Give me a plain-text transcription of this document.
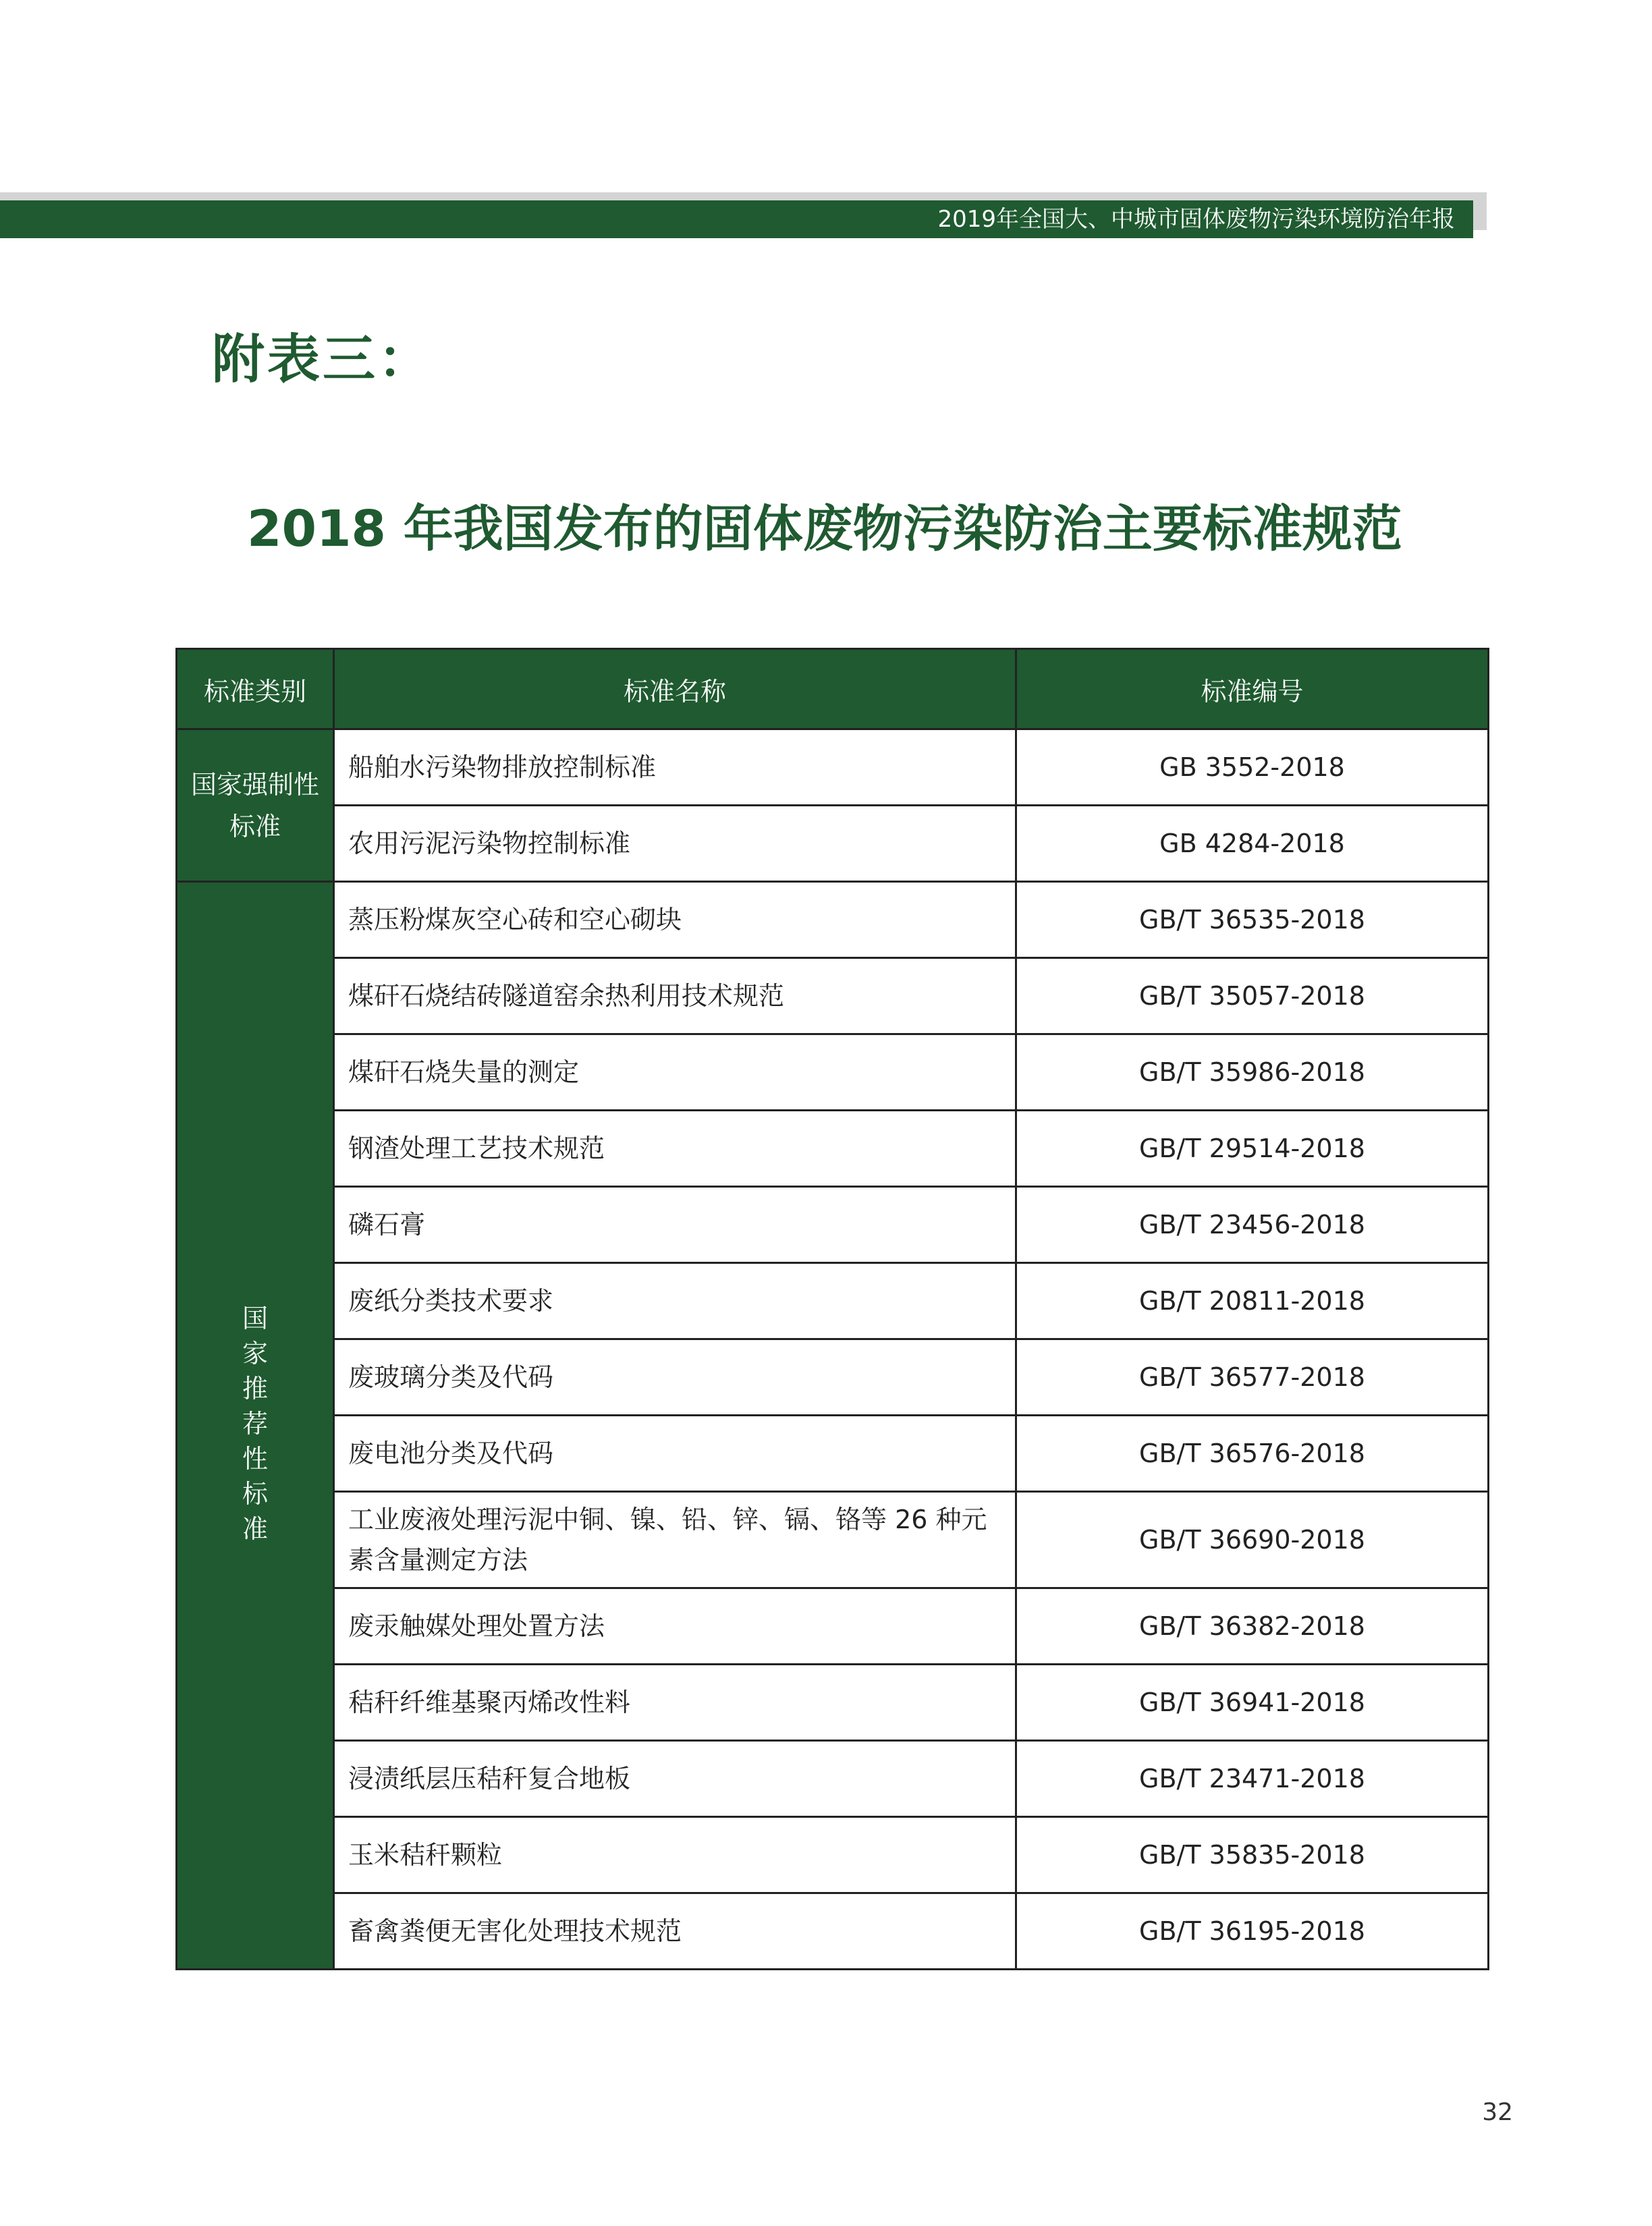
2019年全国大、中城市固体废物污染环境防治年报
附表三：
2018 年我国发布的固体废物污染防治主要标准规范
标准类别	标准名称	标准编号
国家强制性标准	船舶水污染物排放控制标准	GB 3552-2018
	农用污泥污染物控制标准	GB 4284-2018
国家推荐性标准	蒸压粉煤灰空心砖和空心砌块	GB/T 36535-2018
	煤矸石烧结砖隧道窑余热利用技术规范	GB/T 35057-2018
	煤矸石烧失量的测定	GB/T 35986-2018
	钢渣处理工艺技术规范	GB/T 29514-2018
	磷石膏	GB/T 23456-2018
	废纸分类技术要求	GB/T 20811-2018
	废玻璃分类及代码	GB/T 36577-2018
	废电池分类及代码	GB/T 36576-2018
	工业废液处理污泥中铜、镍、铅、锌、镉、铬等 26 种元素含量测定方法	GB/T 36690-2018
	废汞触媒处理处置方法	GB/T 36382-2018
	秸秆纤维基聚丙烯改性料	GB/T 36941-2018
	浸渍纸层压秸秆复合地板	GB/T 23471-2018
	玉米秸秆颗粒	GB/T 35835-2018
	畜禽粪便无害化处理技术规范	GB/T 36195-2018
32
